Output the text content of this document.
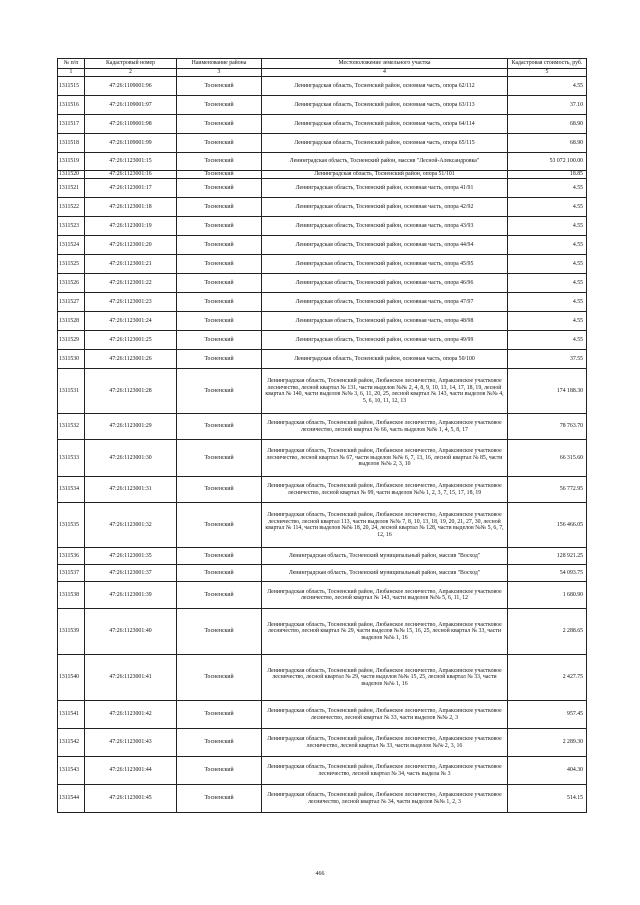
№ п/п	Кадастровый номер	Наименование района	Местоположение земельного участка	Кадастровая стоимость, руб.
1	2	3	4	5
1311515	47:26:1109001:96	Тосненский	Ленинградская область, Тосненский район, основная часть, опора 62/112	4.55
1311516	47:26:1109001:97	Тосненский	Ленинградская область, Тосненский район, основная часть, опора 63/113	37.10
1311517	47:26:1109001:98	Тосненский	Ленинградская область, Тосненский район, основная часть, опора 64/114	68.90
1311518	47:26:1109001:99	Тосненский	Ленинградская область, Тосненский район, основная часть, опора 65/115	68.90
1311519	47:26:1123001:15	Тосненский	Ленинградская область, Тосненский район, массив "Лесной-Александровка"	53 072 100.00
1311520	47:26:1123001:16	Тосненский	Ленинградская область, Тосненский район, опора 51/101	18.85
1311521	47:26:1123001:17	Тосненский	Ленинградская область, Тосненский район, основная часть, опора 41/91	4.55
1311522	47:26:1123001:18	Тосненский	Ленинградская область, Тосненский район, основная часть, опора 42/92	4.55
1311523	47:26:1123001:19	Тосненский	Ленинградская область, Тосненский район, основная часть, опора 43/93	4.55
1311524	47:26:1123001:20	Тосненский	Ленинградская область, Тосненский район, основная часть, опора 44/94	4.55
1311525	47:26:1123001:21	Тосненский	Ленинградская область, Тосненский район, основная часть, опора 45/95	4.55
1311526	47:26:1123001:22	Тосненский	Ленинградская область, Тосненский район, основная часть, опора 46/96	4.55
1311527	47:26:1123001:23	Тосненский	Ленинградская область, Тосненский район, основная часть, опора 47/97	4.55
1311528	47:26:1123001:24	Тосненский	Ленинградская область, Тосненский район, основная часть, опора 48/98	4.55
1311529	47:26:1123001:25	Тосненский	Ленинградская область, Тосненский район, основная часть, опора 49/99	4.55
1311530	47:26:1123001:26	Тосненский	Ленинградская область, Тосненский район, основная часть, опора 50/100	37.55
1311531	47:26:1123001:28	Тосненский	Ленинградская область, Тосненский район, Любанское лесничество, Апраксинское участковое лесничество, лесной квартал № 131, части выделов №№ 2, 4, 8, 9, 10, 13, 14, 17, 18, 19, лесной квартал № 140, части выделов №№ 3, 6, 11, 20, 25, лесной квартал № 143, части выделов №№ 4, 5, 6, 10, 11, 12, 13	174 188.30
1311532	47:26:1123001:29	Тосненский	Ленинградская область, Тосненский район, Любанское лесничество, Апраксинское участковое лесничество, лесной квартал № 66, часть выделов №№ 1, 4, 5, 8, 17	78 763.70
1311533	47:26:1123001:30	Тосненский	Ленинградская область, Тосненский район, Любанское лесничество, Апраксинское участковое лесничество, лесной квартал № 67, части выделов №№ 6, 7, 13, 16, лесной квартал № 85, части выделов №№ 2, 3, 10	66 315.60
1311534	47:26:1123001:31	Тосненский	Ленинградская область, Тосненский район, Любанское лесничество, Апраксинское участковое лесничество, лесной квартал № 99, части выделов №№ 1, 2, 3, 7, 15, 17, 18, 19	56 772.95
1311535	47:26:1123001:32	Тосненский	Ленинградская область, Тосненский район, Любанское лесничество, Апраксинское участковое лесничество, лесной квартал 113, части выделов №№ 7, 8, 10, 13, 18, 19, 20, 21, 27, 30, лесной квартал № 114, части выделов №№ 18, 20, 24, лесной квартал № 128, части выделов №№ 5, 6, 7, 12, 16	156 466.05
1311536	47:26:1123001:35	Тосненский	Ленинградская область, Тосненский муниципальный район, массив "Восход"	128 921.25
1311537	47:26:1123001:37	Тосненский	Ленинградская область, Тосненский муниципальный район, массив "Восход"	54 093.75
1311538	47:26:1123001:39	Тосненский	Ленинградская область, Тосненский район, Любанское лесничество, Апраксинское участковое лесничество, лесной квартал № 143, части выделов №№ 5, 6, 11, 12	1 680.90
1311539	47:26:1123001:40	Тосненский	Ленинградская область, Тосненский район, Любанское лесничество, Апраксинское участковое лесничество, лесной квартал № 29, части выделов №№ 15, 16, 25, лесной квартал № 33, части выделов №№ 1, 16	2 288.65
1311540	47:26:1123001:41	Тосненский	Ленинградская область, Тосненский район, Любанское лесничество, Апраксинское участковое лесничество, лесной квартал № 29, части выделов №№ 15, 25, лесной квартал № 33, части выделов №№ 1, 16	2 427.75
1311541	47:26:1123001:42	Тосненский	Ленинградская область, Тосненский район, Любанское лесничество, Апраксинское участковое лесничество, лесной квартал № 33, части выделов №№ 2, 3	957.45
1311542	47:26:1123001:43	Тосненский	Ленинградская область, Тосненский район, Любанское лесничество, Апраксинское участковое лесничество, лесной квартал № 33, части выделов №№ 2, 3, 16	2 289.30
1311543	47:26:1123001:44	Тосненский	Ленинградская область, Тосненский район, Любанское лесничество, Апраксинское участковое лесничество, лесной квартал № 34, часть выдела № 3	404.30
1311544	47:26:1123001:45	Тосненский	Ленинградская область, Тосненский район, Любанское лесничество, Апраксинское участковое лесничество, лесной квартал № 34, части выделов №№ 1, 2, 3	514.15
466
